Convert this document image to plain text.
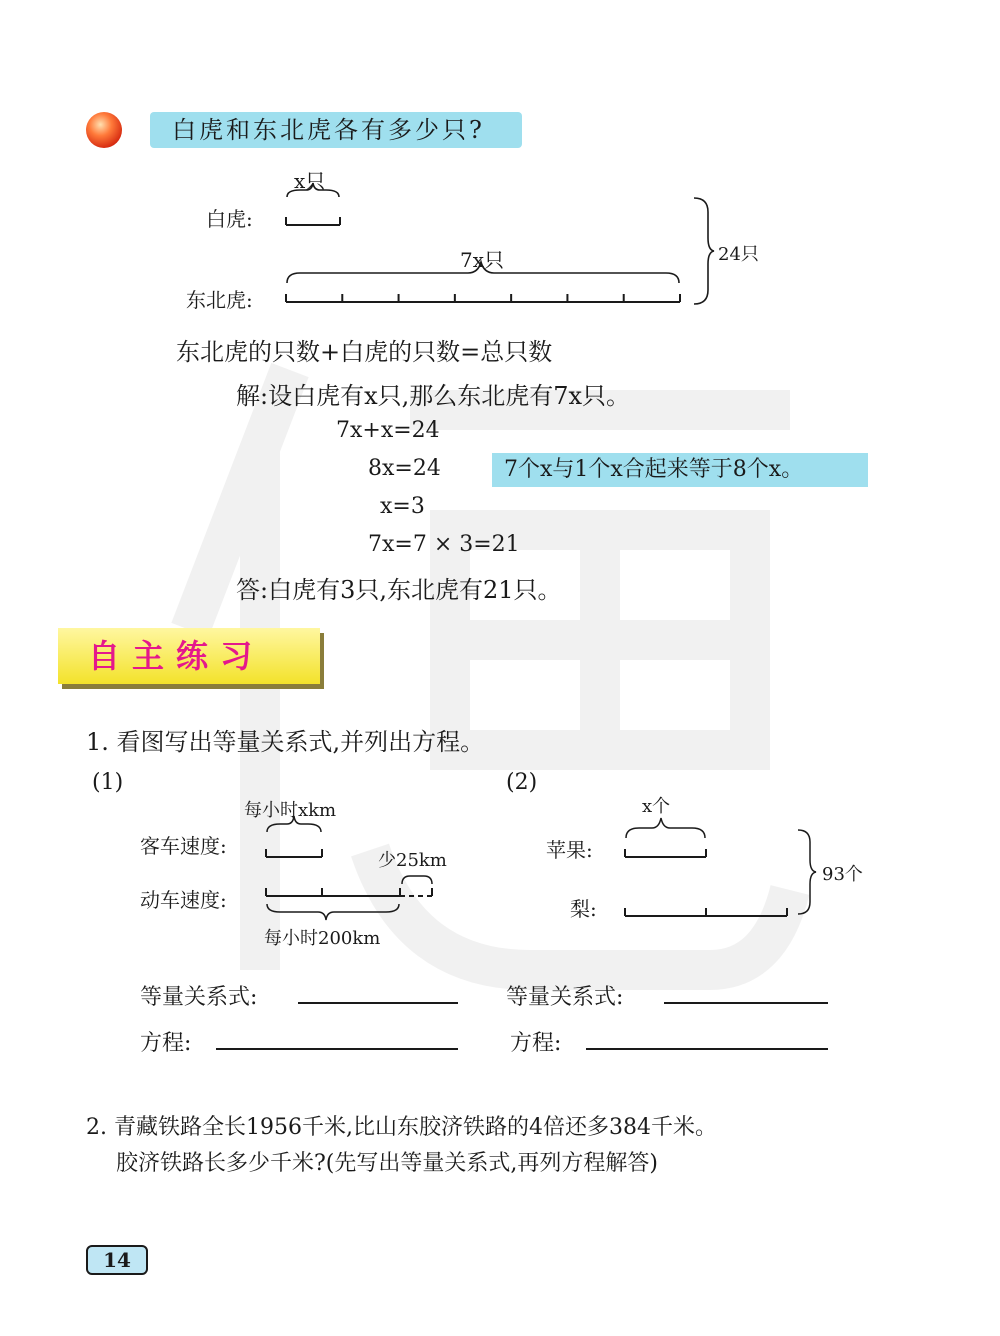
白虎和东北虎各有多少只?
x只
白虎:
7x只
东北虎:
24只
东北虎的只数+白虎的只数=总只数
解:设白虎有x只,那么东北虎有7x只。
7x+x=24
8x=24	7个x与1个x合起来等于8个x。
x=3
7x=7 × 3=21
答:白虎有3只,东北虎有21只。
自主练习
1. 看图写出等量关系式,并列出方程。
(1)	(2)
每小时xkm
客车速度:
少25km
动车速度:
每小时200km
x个
苹果:
93个
梨:
等量关系式:
方程:
等量关系式:
方程:
2. 青藏铁路全长1956千米,比山东胶济铁路的4倍还多384千米。
胶济铁路长多少千米?(先写出等量关系式,再列方程解答)
14
